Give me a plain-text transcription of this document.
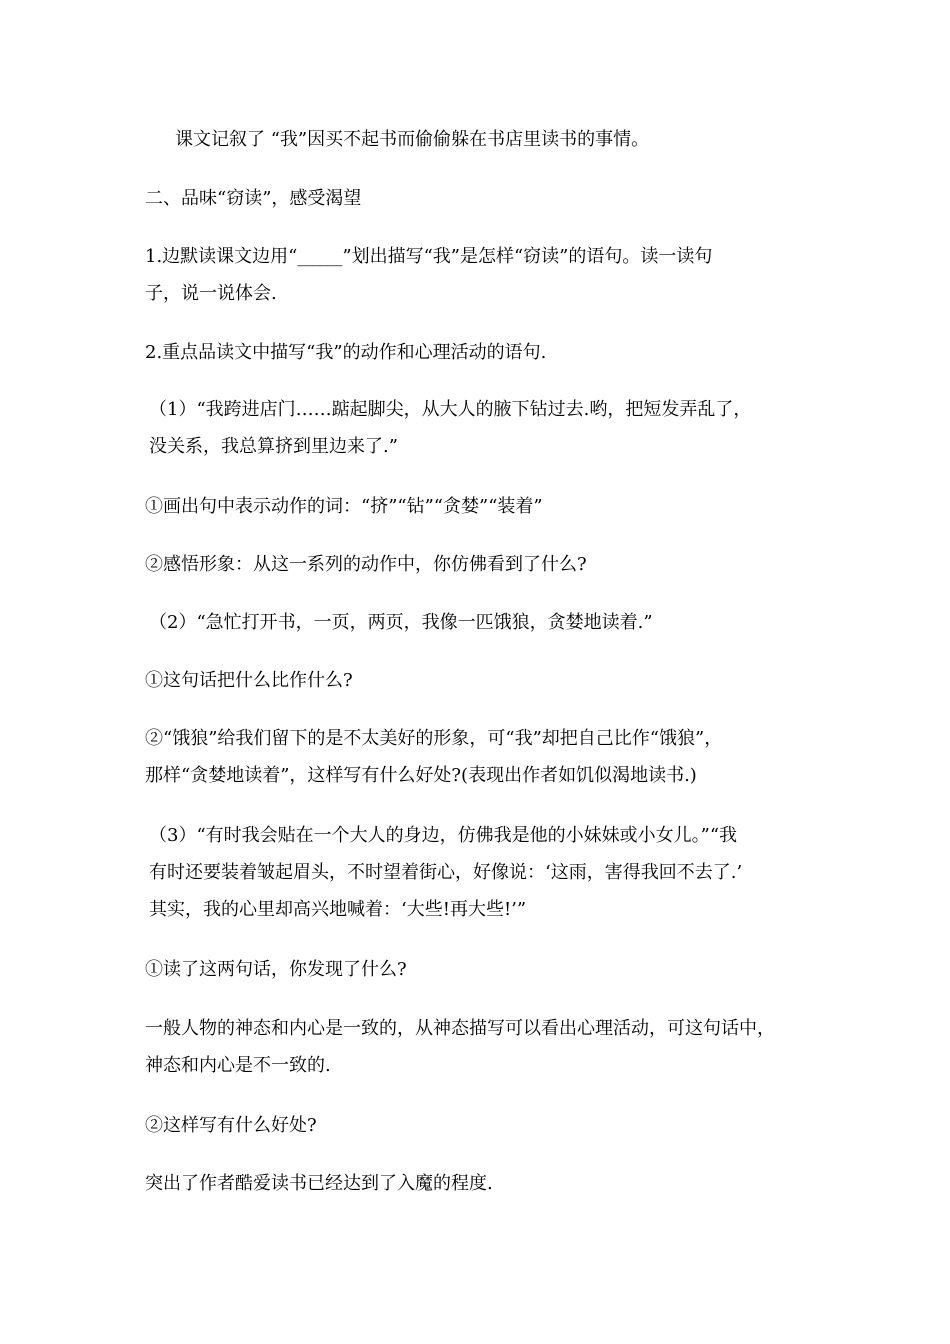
课文记叙了 “我”因买不起书而偷偷躲在书店里读书的事情。

二、品味“窃读”，感受渴望

1.边默读课文边用“_____”划出描写“我”是怎样“窃读”的语句。读一读句
子，说一说体会.

2.重点品读文中描写“我”的动作和心理活动的语句.

（1）“我跨进店门……踮起脚尖，从大人的腋下钻过去.哟，把短发弄乱了，
没关系，我总算挤到里边来了.”

①画出句中表示动作的词：“挤”“钻”“贪婪”“装着”

②感悟形象：从这一系列的动作中，你仿佛看到了什么?

（2）“急忙打开书，一页，两页，我像一匹饿狼，贪婪地读着.”

①这句话把什么比作什么?

②“饿狼”给我们留下的是不太美好的形象，可“我”却把自己比作“饿狼”，
那样“贪婪地读着”，这样写有什么好处?(表现出作者如饥似渴地读书.)

（3）“有时我会贴在一个大人的身边，仿佛我是他的小妹妹或小女儿。”“我
有时还要装着皱起眉头，不时望着街心，好像说：‘这雨，害得我回不去了.’
其实，我的心里却高兴地喊着：‘大些!再大些!’”

①读了这两句话，你发现了什么?

一般人物的神态和内心是一致的，从神态描写可以看出心理活动，可这句话中，
神态和内心是不一致的.

②这样写有什么好处?

突出了作者酷爱读书已经达到了入魔的程度.
